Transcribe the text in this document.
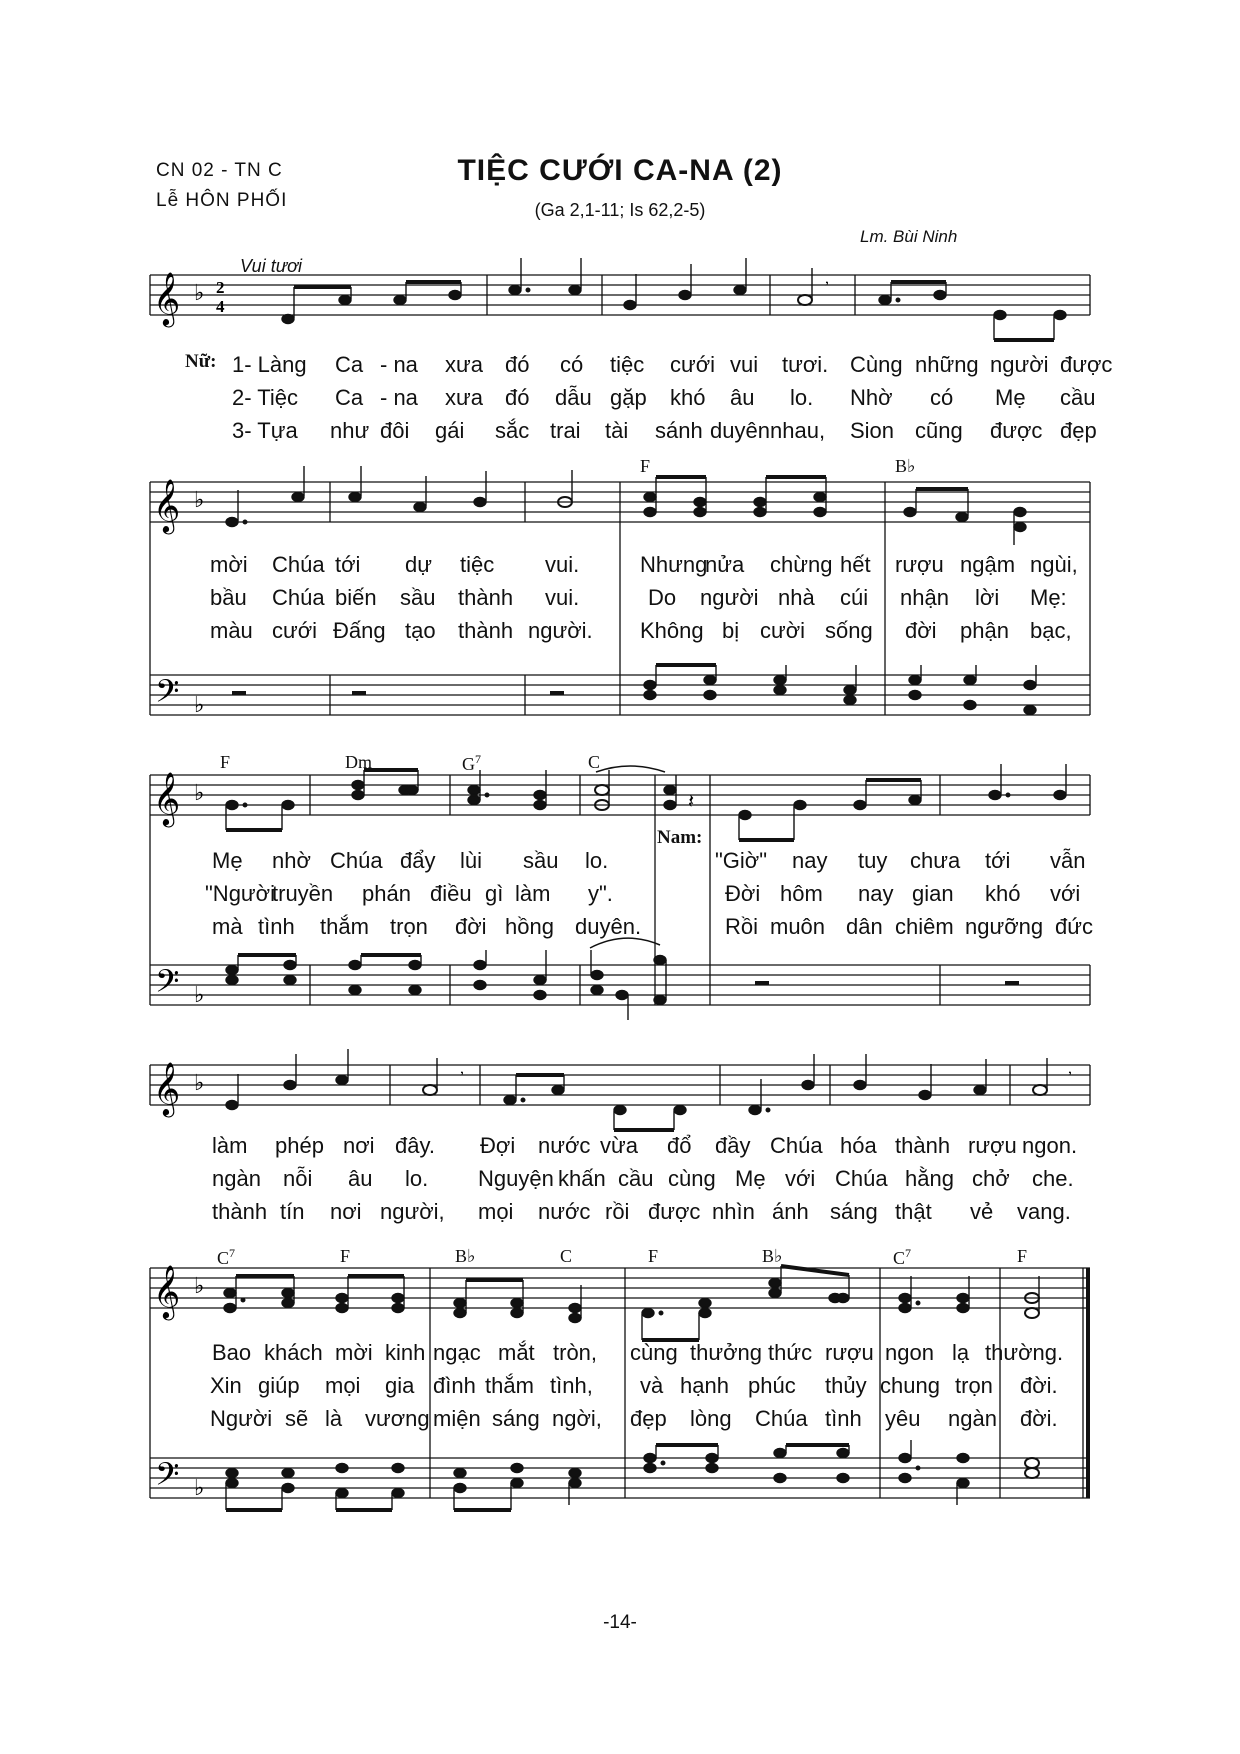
CN 02 - TN C
Lễ HÔN PHỐI
TIỆC CƯỚI CA-NA (2)
(Ga 2,1-11; Is 62,2-5)
Lm. Bùi Ninh
Vui tươi
𝄞 ♭ 2
4
,
Nữ: 1- Làng Ca - na xưa đó có tiệc cưới vui tươi. Cùng những người được
2- Tiệc Ca - na xưa đó dẫu gặp khó âu lo. Nhờ có Mẹ cầu
3- Tựa như đôi gái sắc trai tài sánh duyên nhau, Sion cũng được đẹp
F	B♭
𝄞 ♭
𝄢 ♭
mời Chúa tới dự tiệc vui.	Nhưng
nửa chừng hết rượu ngậm ngùi,
bầu Chúa biến sầu thành vui.	Do người nhà cúi nhận lời Mẹ:
màu cưới Đấng tạo thành người. Không bị cười sống đời phận bạc,
F	Dm	$G^7$	C
𝄞 ♭	𝄽
𝄢 ♭
Nam:
Mẹ nhờ Chúa đẩy lùi sầu lo.	"Giờ" nay tuy chưa tới vẫn
"Người
truyền phán điều gì làm y".	Đời hôm nay gian khó với
mà tình thắm trọn đời hồng duyên.	Rồi muôn dân chiêm ngưỡng đức
𝄞 ♭
,	,
làm phép nơi đây. Đợi nước vừa đổ đầy Chúa hóa thành rượu ngon.
ngàn nỗi âu lo. Nguyện khấn cầu cùng Mẹ với Chúa hằng chở che.
thành tín nơi người, mọi nước rồi được nhìn ánh sáng thật vẻ vang.
$C^7$	F	B♭	C	F	B♭	$C^7$	F
𝄞 ♭
𝄢 ♭
Bao khách mời kinh ngạc mắt tròn, cùng thưởng thức rượu ngon lạ thường.
Xin giúp mọi gia đình thắm tình, và hạnh phúc thủy chung trọn đời.
Người sẽ là vương miện sáng ngời, đẹp lòng Chúa tình yêu ngàn đời.
-14-
